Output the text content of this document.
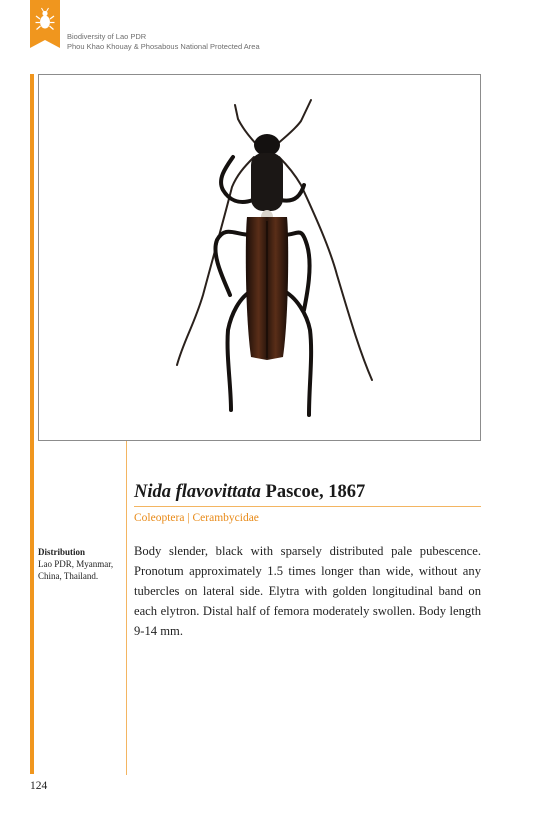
Biodiversity of Lao PDR
Phou Khao Khouay & Phosabous National Protected Area
Nida flavovittata Pascoe, 1867
Coleoptera | Cerambycidae
Distribution
Lao PDR, Myanmar, China, Thailand.
Body slender, black with sparsely distributed pale pubescence. Pronotum approximately 1.5 times longer than wide, without any tubercles on lateral side. Elytra with golden longitudinal band on each elytron. Distal half of femora moderately swollen. Body length 9-14 mm.
124
